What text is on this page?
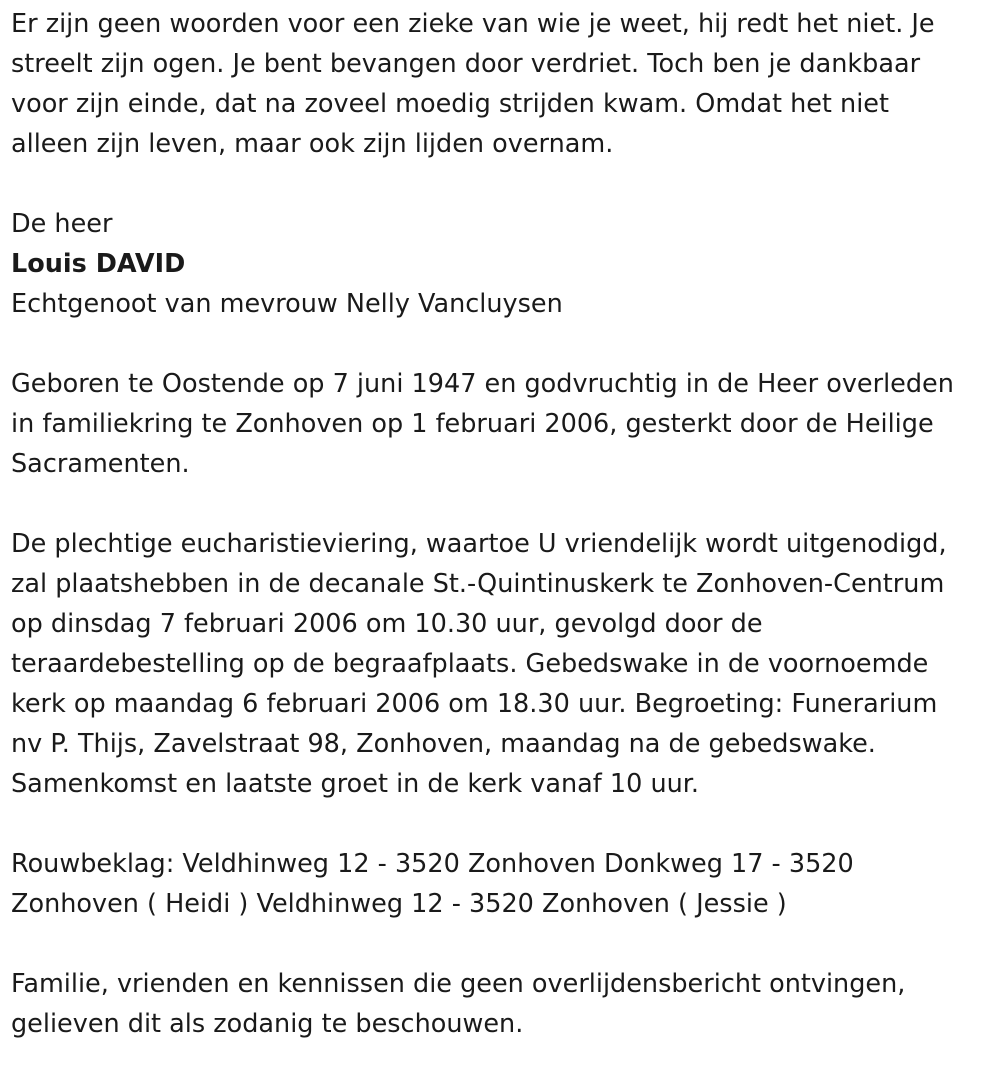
Er zijn geen woorden voor een zieke van wie je weet, hij redt het niet. Je
streelt zijn ogen. Je bent bevangen door verdriet. Toch ben je dankbaar
voor zijn einde, dat na zoveel moedig strijden kwam. Omdat het niet
alleen zijn leven, maar ook zijn lijden overnam.

De heer

Louis DAVID

Echtgenoot van mevrouw Nelly Vancluysen

Geboren te Oostende op 7 juni 1947 en godvruchtig in de Heer overleden
in familiekring te Zonhoven op 1 februari 2006, gesterkt door de Heilige
Sacramenten.

De plechtige eucharistieviering, waartoe U vriendelijk wordt uitgenodigd,
zal plaatshebben in de decanale St.-Quintinuskerk te Zonhoven-Centrum
op dinsdag 7 februari 2006 om 10.30 uur, gevolgd door de
teraardebestelling op de begraafplaats. Gebedswake in de voornoemde
kerk op maandag 6 februari 2006 om 18.30 uur. Begroeting: Funerarium
nv P. Thijs, Zavelstraat 98, Zonhoven, maandag na de gebedswake.
Samenkomst en laatste groet in de kerk vanaf 10 uur.

Rouwbeklag: Veldhinweg 12 - 3520 Zonhoven Donkweg 17 - 3520
Zonhoven ( Heidi ) Veldhinweg 12 - 3520 Zonhoven ( Jessie )

Familie, vrienden en kennissen die geen overlijdensbericht ontvingen,
gelieven dit als zodanig te beschouwen.
